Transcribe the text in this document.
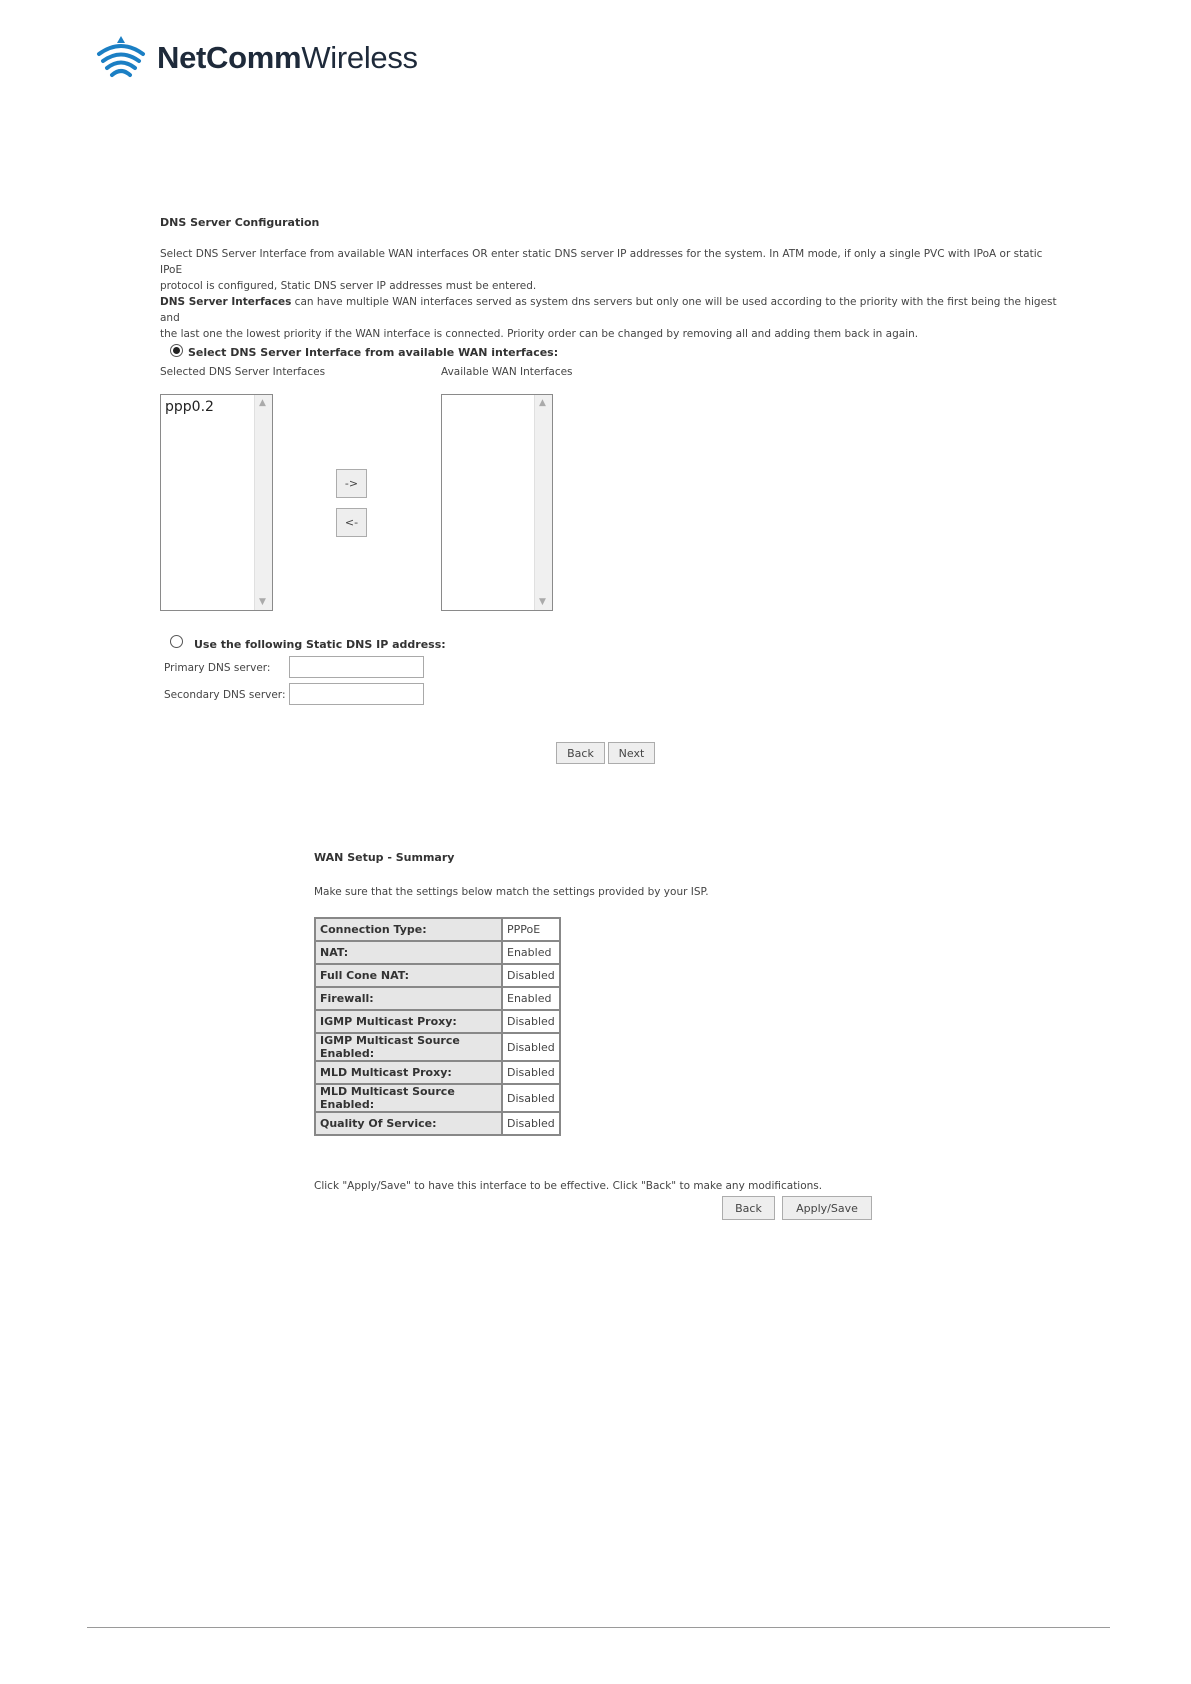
NetCommWireless
DNS Server Configuration
Select DNS Server Interface from available WAN interfaces OR enter static DNS server IP addresses for the system. In ATM mode, if only a single PVC with IPoA or static IPoE
protocol is configured, Static DNS server IP addresses must be entered.
DNS Server Interfaces can have multiple WAN interfaces served as system dns servers but only one will be used according to the priority with the first being the higest and
the last one the lowest priority if the WAN interface is connected. Priority order can be changed by removing all and adding them back in again.
Select DNS Server Interface from available WAN interfaces:
Selected DNS Server Interfaces	Available WAN Interfaces
ppp0.2	▲
▼
->
<-
▲
▼
Use the following Static DNS IP address:
Primary DNS server:
Secondary DNS server:
Back	Next
WAN Setup - Summary
Make sure that the settings below match the settings provided by your ISP.
Connection Type:	PPPoE
NAT:	Enabled
Full Cone NAT:	Disabled
Firewall:	Enabled
IGMP Multicast Proxy:	Disabled
IGMP Multicast Source Enabled:	Disabled
MLD Multicast Proxy:	Disabled
MLD Multicast Source Enabled:	Disabled
Quality Of Service:	Disabled
Click "Apply/Save" to have this interface to be effective. Click "Back" to make any modifications.
Back	Apply/Save
